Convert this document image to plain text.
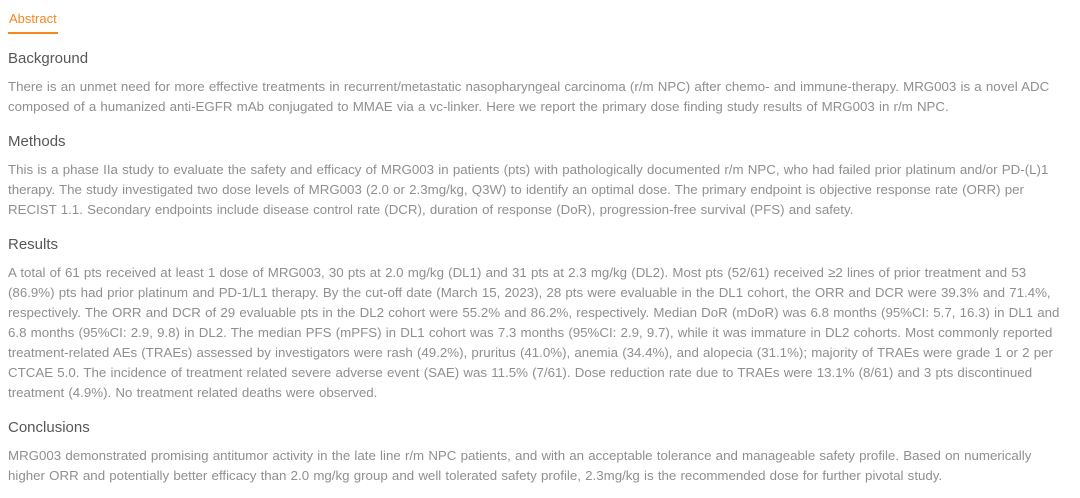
Abstract
Background

There is an unmet need for more effective treatments in recurrent/metastatic nasopharyngeal carcinoma (r/m NPC) after chemo- and immune-therapy. MRG003 is a novel ADC composed of a humanized anti-EGFR mAb conjugated to MMAE via a vc-linker. Here we report the primary dose finding study results of MRG003 in r/m NPC.

Methods

This is a phase IIa study to evaluate the safety and efficacy of MRG003 in patients (pts) with pathologically documented r/m NPC, who had failed prior platinum and/or PD-(L)1 therapy. The study investigated two dose levels of MRG003 (2.0 or 2.3mg/kg, Q3W) to identify an optimal dose. The primary endpoint is objective response rate (ORR) per RECIST 1.1. Secondary endpoints include disease control rate (DCR), duration of response (DoR), progression-free survival (PFS) and safety.

Results

A total of 61 pts received at least 1 dose of MRG003, 30 pts at 2.0 mg/kg (DL1) and 31 pts at 2.3 mg/kg (DL2). Most pts (52/61) received ≥2 lines of prior treatment and 53 (86.9%) pts had prior platinum and PD-1/L1 therapy. By the cut-off date (March 15, 2023), 28 pts were evaluable in the DL1 cohort, the ORR and DCR were 39.3% and 71.4%, respectively. The ORR and DCR of 29 evaluable pts in the DL2 cohort were 55.2% and 86.2%, respectively. Median DoR (mDoR) was 6.8 months (95%CI: 5.7, 16.3) in DL1 and 6.8 months (95%CI: 2.9, 9.8) in DL2. The median PFS (mPFS) in DL1 cohort was 7.3 months (95%CI: 2.9, 9.7), while it was immature in DL2 cohorts. Most commonly reported treatment-related AEs (TRAEs) assessed by investigators were rash (49.2%), pruritus (41.0%), anemia (34.4%), and alopecia (31.1%); majority of TRAEs were grade 1 or 2 per CTCAE 5.0. The incidence of treatment related severe adverse event (SAE) was 11.5% (7/61). Dose reduction rate due to TRAEs were 13.1% (8/61) and 3 pts discontinued treatment (4.9%). No treatment related deaths were observed.

Conclusions

MRG003 demonstrated promising antitumor activity in the late line r/m NPC patients, and with an acceptable tolerance and manageable safety profile. Based on numerically higher ORR and potentially better efficacy than 2.0 mg/kg group and well tolerated safety profile, 2.3mg/kg is the recommended dose for further pivotal study.
